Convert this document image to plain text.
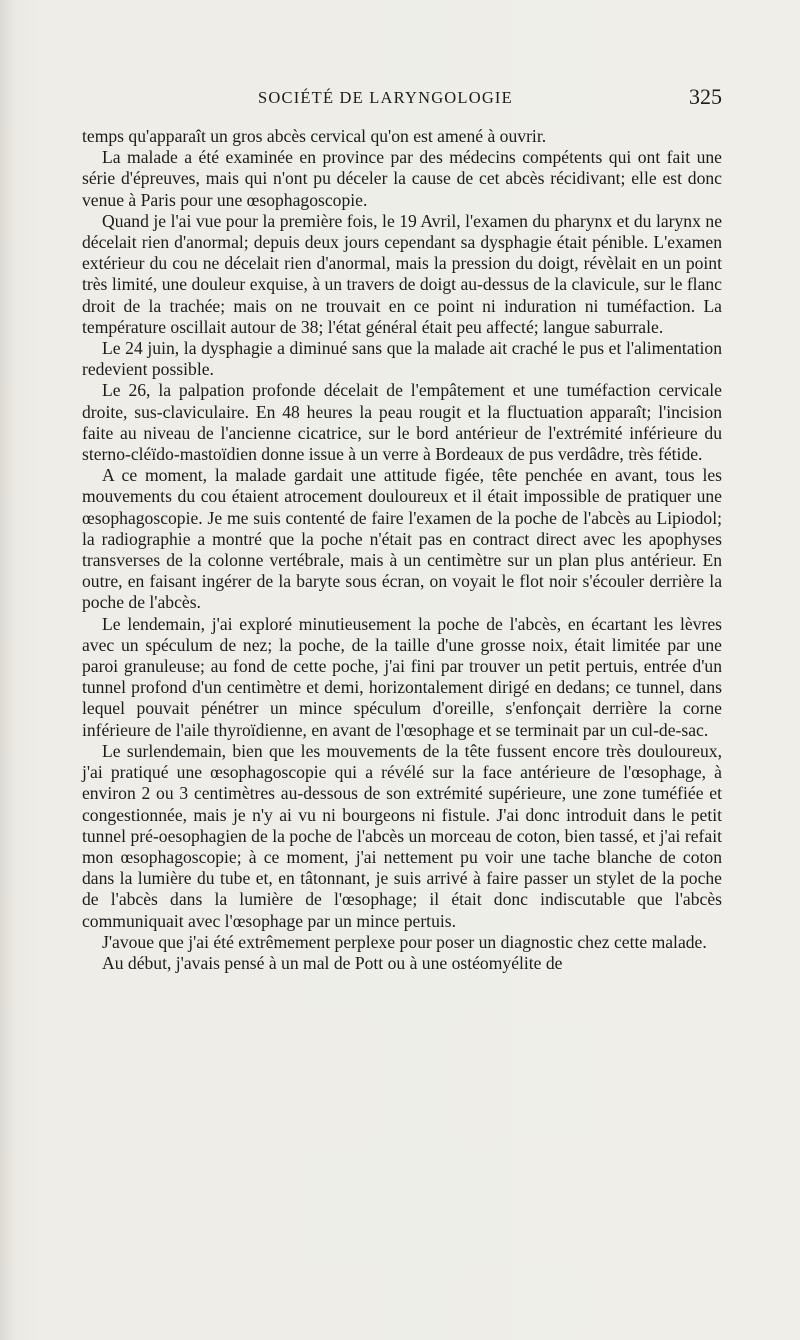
SOCIÉTÉ DE LARYNGOLOGIE	325

temps qu'apparaît un gros abcès cervical qu'on est amené à ouvrir.

La malade a été examinée en province par des médecins compétents qui ont fait une série d'épreuves, mais qui n'ont pu déceler la cause de cet abcès récidivant; elle est donc venue à Paris pour une œsophagoscopie.

Quand je l'ai vue pour la première fois, le 19 Avril, l'examen du pharynx et du larynx ne décelait rien d'anormal; depuis deux jours cependant sa dysphagie était pénible. L'examen extérieur du cou ne décelait rien d'anormal, mais la pression du doigt, révèlait en un point très limité, une douleur exquise, à un travers de doigt au-dessus de la clavicule, sur le flanc droit de la trachée; mais on ne trouvait en ce point ni induration ni tuméfaction. La température oscillait autour de 38; l'état général était peu affecté; langue saburrale.

Le 24 juin, la dysphagie a diminué sans que la malade ait craché le pus et l'alimentation redevient possible.

Le 26, la palpation profonde décelait de l'empâtement et une tuméfaction cervicale droite, sus-claviculaire. En 48 heures la peau rougit et la fluctuation apparaît; l'incision faite au niveau de l'ancienne cicatrice, sur le bord antérieur de l'extrémité inférieure du sterno-cléïdo-mastoïdien donne issue à un verre à Bordeaux de pus verdâdre, très fétide.

A ce moment, la malade gardait une attitude figée, tête penchée en avant, tous les mouvements du cou étaient atrocement douloureux et il était impossible de pratiquer une œsophagoscopie. Je me suis contenté de faire l'examen de la poche de l'abcès au Lipiodol; la radiographie a montré que la poche n'était pas en contract direct avec les apophyses transverses de la colonne vertébrale, mais à un centimètre sur un plan plus antérieur. En outre, en faisant ingérer de la baryte sous écran, on voyait le flot noir s'écouler derrière la poche de l'abcès.

Le lendemain, j'ai exploré minutieusement la poche de l'abcès, en écartant les lèvres avec un spéculum de nez; la poche, de la taille d'une grosse noix, était limitée par une paroi granuleuse; au fond de cette poche, j'ai fini par trouver un petit pertuis, entrée d'un tunnel profond d'un centimètre et demi, horizontalement dirigé en dedans; ce tunnel, dans lequel pouvait pénétrer un mince spéculum d'oreille, s'enfonçait derrière la corne inférieure de l'aile thyroïdienne, en avant de l'œsophage et se terminait par un cul-de-sac.

Le surlendemain, bien que les mouvements de la tête fussent encore très douloureux, j'ai pratiqué une œsophagoscopie qui a révélé sur la face antérieure de l'œsophage, à environ 2 ou 3 centimètres au-dessous de son extrémité supérieure, une zone tuméfiée et congestionnée, mais je n'y ai vu ni bourgeons ni fistule. J'ai donc introduit dans le petit tunnel pré-oesophagien de la poche de l'abcès un morceau de coton, bien tassé, et j'ai refait mon œsophagoscopie; à ce moment, j'ai nettement pu voir une tache blanche de coton dans la lumière du tube et, en tâtonnant, je suis arrivé à faire passer un stylet de la poche de l'abcès dans la lumière de l'œsophage; il était donc indiscutable que l'abcès communiquait avec l'œsophage par un mince pertuis.

J'avoue que j'ai été extrêmement perplexe pour poser un diagnostic chez cette malade.

Au début, j'avais pensé à un mal de Pott ou à une ostéomyélite de
